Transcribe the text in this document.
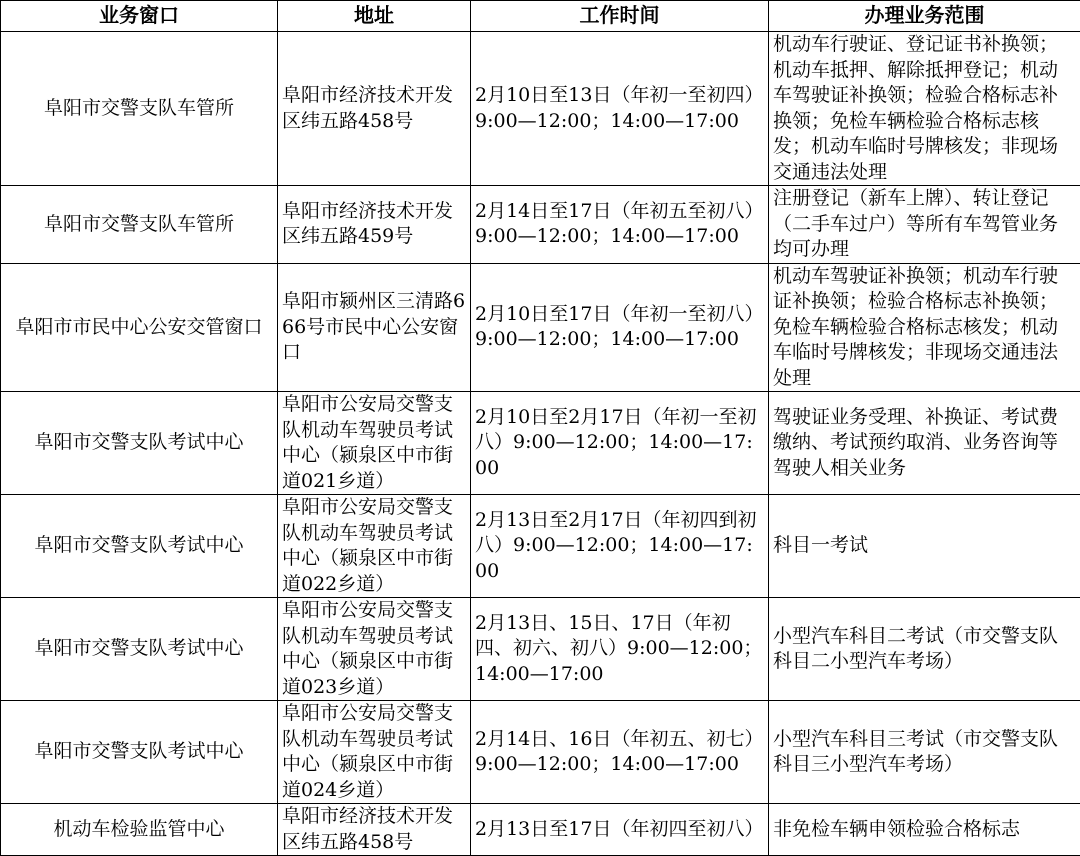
业务窗口	地址	工作时间	办理业务范围
阜阳市交警支队车管所	阜阳市经济技术开发区纬五路458号	2月10日至13日（年初一至初四）9:00—12:00；14:00—17:00	机动车行驶证、登记证书补换领；机动车抵押、解除抵押登记；机动车驾驶证补换领；检验合格标志补换领；免检车辆检验合格标志核发；机动车临时号牌核发；非现场交通违法处理
阜阳市交警支队车管所	阜阳市经济技术开发区纬五路459号	2月14日至17日（年初五至初八）9:00—12:00；14:00—17:00	注册登记（新车上牌）、转让登记（二手车过户）等所有车驾管业务均可办理
阜阳市市民中心公安交管窗口	阜阳市颍州区三清路666号市民中心公安窗口	2月10日至17日（年初一至初八）9:00—12:00；14:00—17:00	机动车驾驶证补换领；机动车行驶证补换领；检验合格标志补换领；免检车辆检验合格标志核发；机动车临时号牌核发；非现场交通违法处理
阜阳市交警支队考试中心	阜阳市公安局交警支队机动车驾驶员考试中心（颍泉区中市街道021乡道）	2月10日至2月17日（年初一至初八）9:00—12:00；14:00—17:00	驾驶证业务受理、补换证、考试费缴纳、考试预约取消、业务咨询等驾驶人相关业务
阜阳市交警支队考试中心	阜阳市公安局交警支队机动车驾驶员考试中心（颍泉区中市街道022乡道）	2月13日至2月17日（年初四到初八）9:00—12:00；14:00—17:00	科目一考试
阜阳市交警支队考试中心	阜阳市公安局交警支队机动车驾驶员考试中心（颍泉区中市街道023乡道）	2月13日、15日、17日（年初四、初六、初八）9:00—12:00；14:00—17:00	小型汽车科目二考试（市交警支队科目二小型汽车考场）
阜阳市交警支队考试中心	阜阳市公安局交警支队机动车驾驶员考试中心（颍泉区中市街道024乡道）	2月14日、16日（年初五、初七）9:00—12:00；14:00—17:00	小型汽车科目三考试（市交警支队科目三小型汽车考场）
机动车检验监管中心	阜阳市经济技术开发区纬五路458号	2月13日至17日（年初四至初八）	非免检车辆申领检验合格标志
